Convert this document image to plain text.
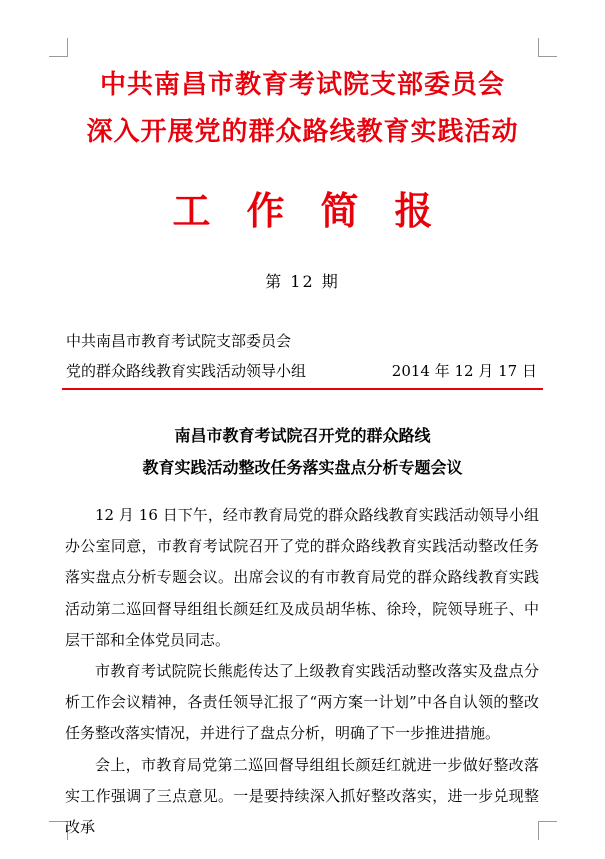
中共南昌市教育考试院支部委员会
深入开展党的群众路线教育实践活动
工作简报
第 12 期
中共南昌市教育考试院支部委员会
党的群众路线教育实践活动领导小组	2014 年 12 月 17 日
南昌市教育考试院召开党的群众路线
教育实践活动整改任务落实盘点分析专题会议

12 月 16 日下午，经市教育局党的群众路线教育实践活动领导小组办公室同意，市教育考试院召开了党的群众路线教育实践活动整改任务落实盘点分析专题会议。出席会议的有市教育局党的群众路线教育实践活动第二巡回督导组组长颜廷红及成员胡华栋、徐玲，院领导班子、中层干部和全体党员同志。

市教育考试院院长熊彪传达了上级教育实践活动整改落实及盘点分析工作会议精神，各责任领导汇报了“两方案一计划”中各自认领的整改任务整改落实情况，并进行了盘点分析，明确了下一步推进措施。

会上，市教育局党第二巡回督导组组长颜廷红就进一步做好整改落实工作强调了三点意见。一是要持续深入抓好整改落实，进一步兑现整改承
